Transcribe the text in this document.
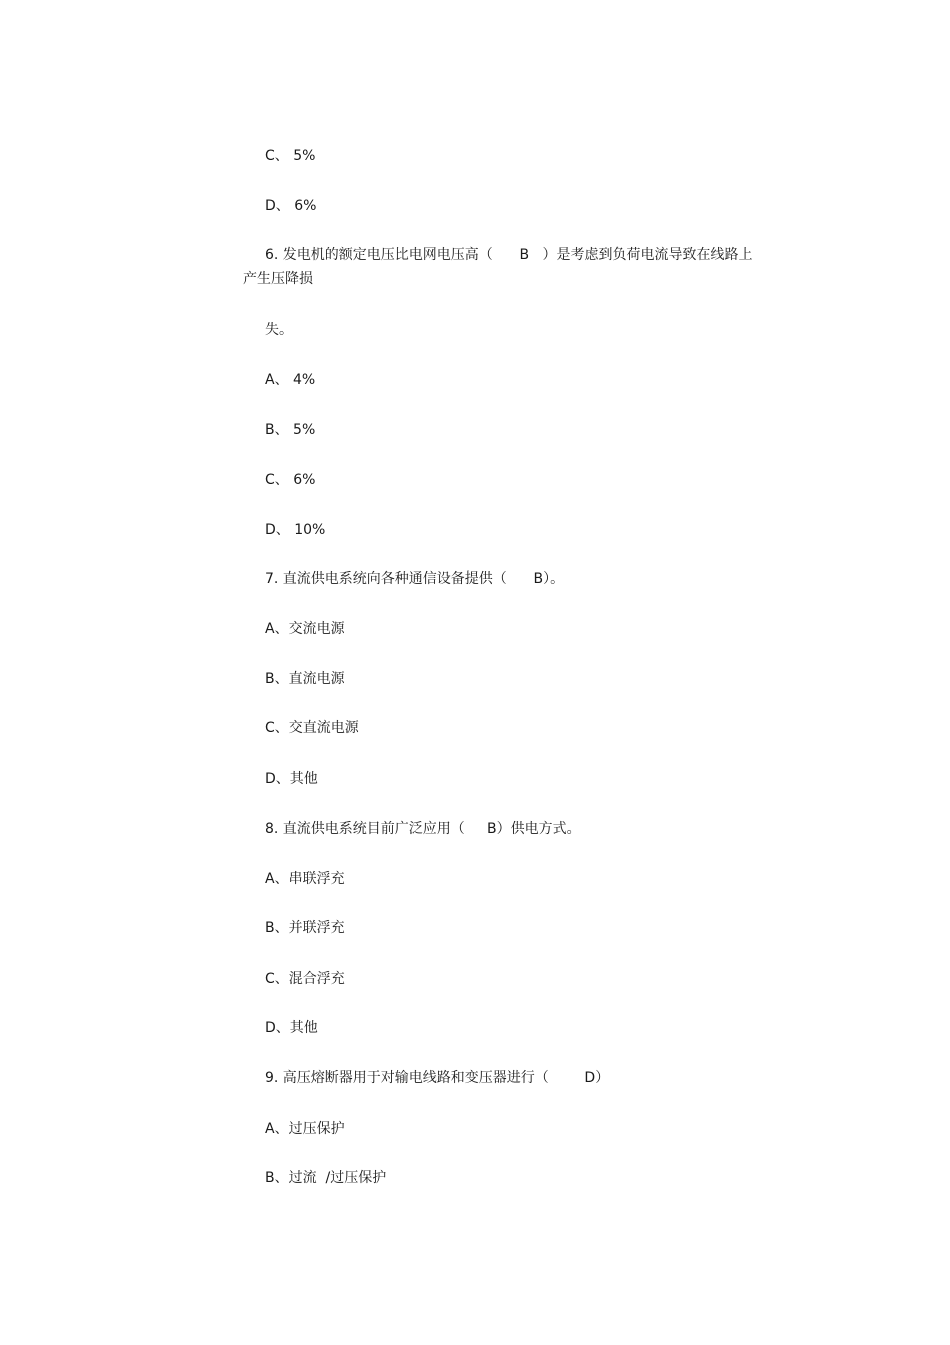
C、 5%
D、 6%
6. 发电机的额定电压比电网电压高（      B   ）是考虑到负荷电流导致在线路上
产生压降损
失。
A、 4%
B、 5%
C、 6%
D、 10%
7. 直流供电系统向各种通信设备提供（      B）。
A、交流电源
B、直流电源
C、交直流电源
D、其他
8. 直流供电系统目前广泛应用（     B）供电方式。
A、串联浮充
B、并联浮充
C、混合浮充
D、其他
9. 高压熔断器用于对输电线路和变压器进行（        D）
A、过压保护
B、过流  /过压保护
